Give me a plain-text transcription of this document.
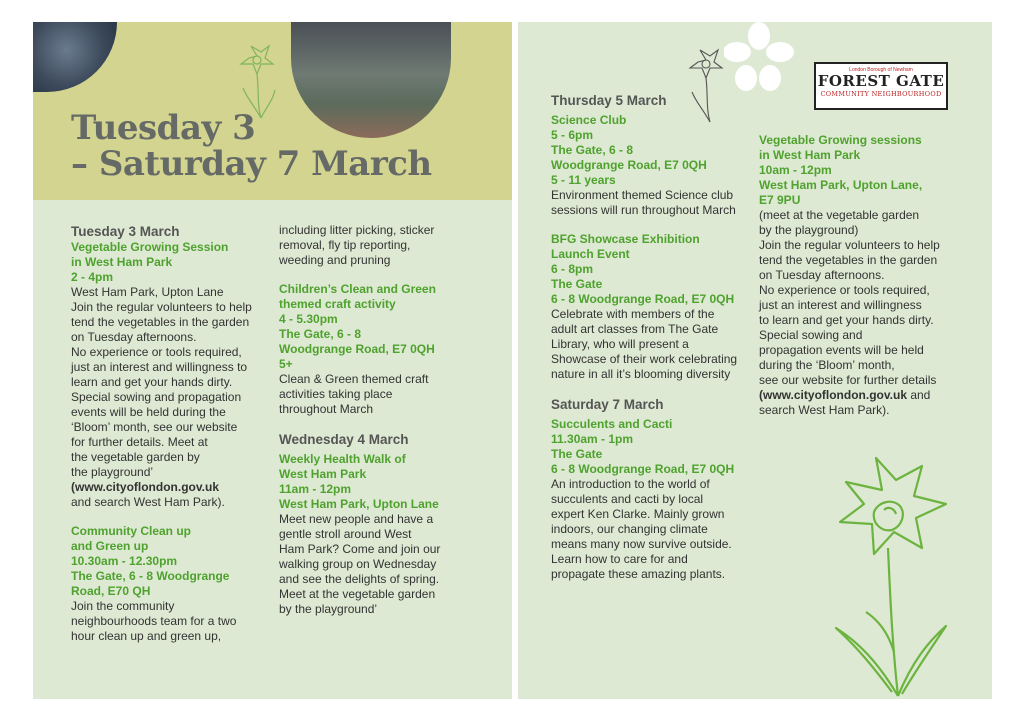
Tuesday 3
– Saturday 7 March

Tuesday 3 March

Vegetable Growing Session

in West Ham Park

2 - 4pm

West Ham Park, Upton Lane

Join the regular volunteers to help

tend the vegetables in the garden

on Tuesday afternoons.

No experience or tools required,

just an interest and willingness to

learn and get your hands dirty.

Special sowing and propagation

events will be held during the

‘Bloom’ month, see our website

for further details. Meet at

the vegetable garden by

the playground’

(www.cityoflondon.gov.uk

and search West Ham Park).

Community Clean up

and Green up

10.30am - 12.30pm

The Gate, 6 - 8 Woodgrange

Road, E70 QH

Join the community

neighbourhoods team for a two

hour clean up and green up,

including litter picking, sticker

removal, fly tip reporting,

weeding and pruning

Children’s Clean and Green

themed craft activity

4 - 5.30pm

The Gate, 6 - 8

Woodgrange Road, E7 0QH

5+

Clean & Green themed craft

activities taking place

throughout March

Wednesday 4 March

Weekly Health Walk of

West Ham Park

11am - 12pm

West Ham Park, Upton Lane

Meet new people and have a

gentle stroll around West

Ham Park? Come and join our

walking group on Wednesday

and see the delights of spring.

Meet at the vegetable garden

by the playground’

London Borough of Newham
FOREST GATE
COMMUNITY NEIGHBOURHOOD

Thursday 5 March

Science Club

5 - 6pm

The Gate, 6 - 8

Woodgrange Road, E7 0QH

5 - 11 years

Environment themed Science club

sessions will run throughout March

BFG Showcase Exhibition

Launch Event

6 - 8pm

The Gate

6 - 8 Woodgrange Road, E7 0QH

Celebrate with members of the

adult art classes from The Gate

Library, who will present a

Showcase of their work celebrating

nature in all it’s blooming diversity

Saturday 7 March

Succulents and Cacti

11.30am - 1pm

The Gate

6 - 8 Woodgrange Road, E7 0QH

An introduction to the world of

succulents and cacti by local

expert Ken Clarke. Mainly grown

indoors, our changing climate

means many now survive outside.

Learn how to care for and

propagate these amazing plants.

Vegetable Growing sessions

in West Ham Park

10am - 12pm

West Ham Park, Upton Lane,

E7 9PU

(meet at the vegetable garden

by the playground)

Join the regular volunteers to help

tend the vegetables in the garden

on Tuesday afternoons.

No experience or tools required,

just an interest and willingness

to learn and get your hands dirty.

Special sowing and

propagation events will be held

during the ‘Bloom’ month,

see our website for further details

(www.cityoflondon.gov.uk and

search West Ham Park).
